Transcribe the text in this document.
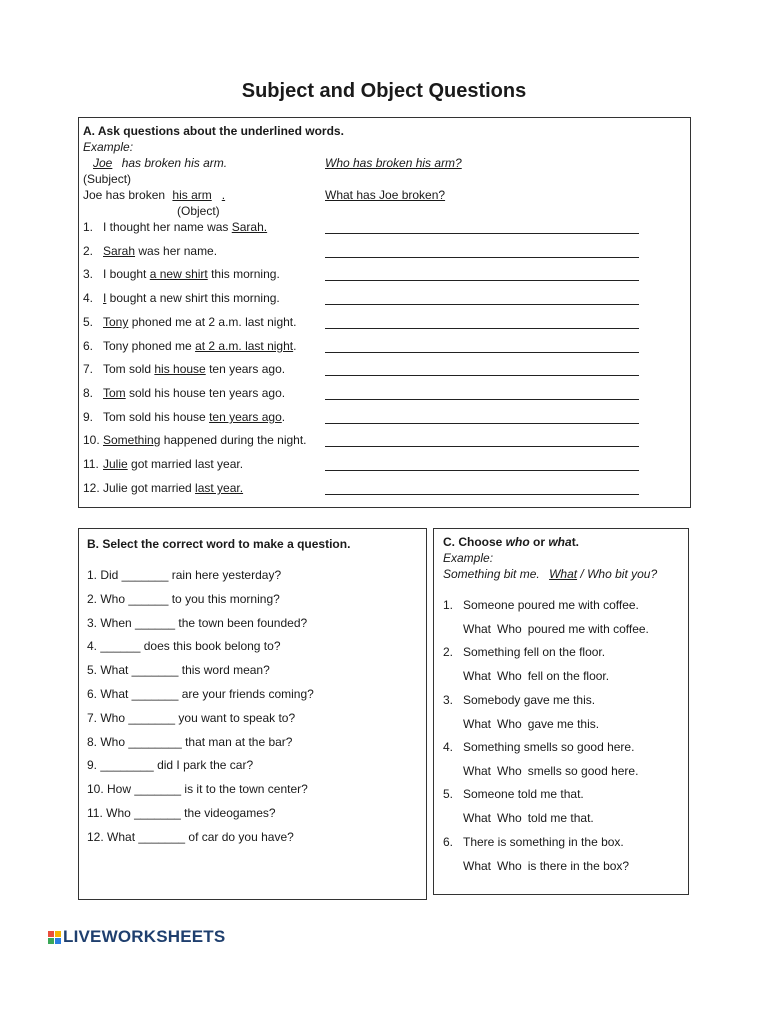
Subject and Object Questions
A. Ask questions about the underlined words.
Example:
Joe has broken his arm.	Who has broken his arm?
(Subject)
Joe has broken his arm .	What has Joe broken?
(Object)
1. I thought her name was Sarah.
2. Sarah was her name.
3. I bought a new shirt this morning.
4. I bought a new shirt this morning.
5. Tony phoned me at 2 a.m. last night.
6. Tony phoned me at 2 a.m. last night.
7. Tom sold his house ten years ago.
8. Tom sold his house ten years ago.
9. Tom sold his house ten years ago.
10. Something happened during the night.
11. Julie got married last year.
12. Julie got married last year.
B. Select the correct word to make a question.
1. Did _______ rain here yesterday?
2. Who ______ to you this morning?
3. When ______ the town been founded?
4. ______ does this book belong to?
5. What _______ this word mean?
6. What _______ are your friends coming?
7. Who _______ you want to speak to?
8. Who ________ that man at the bar?
9. ________ did I park the car?
10. How _______ is it to the town center?
11. Who _______ the videogames?
12. What _______ of car do you have?
C. Choose who or what.
Example:
Something bit me. What / Who bit you?
1. Someone poured me with coffee.
What Who poured me with coffee.
2. Something fell on the floor.
What Who fell on the floor.
3. Somebody gave me this.
What Who gave me this.
4. Something smells so good here.
What Who smells so good here.
5. Someone told me that.
What Who told me that.
6. There is something in the box.
What Who is there in the box?
LIVEWORKSHEETS
